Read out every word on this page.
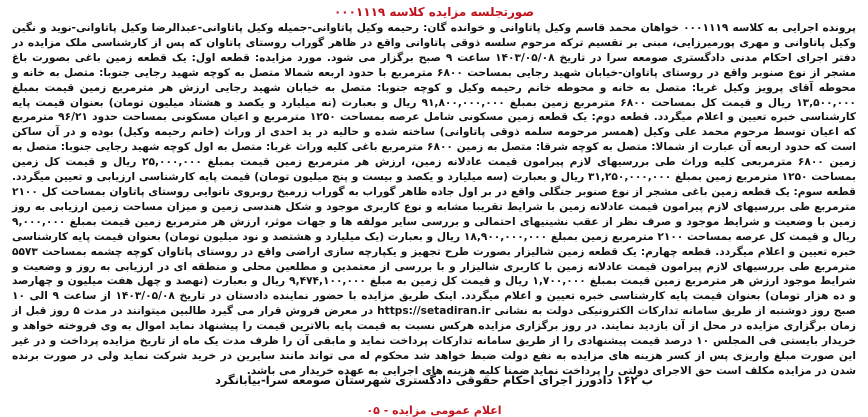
صورتجلسه مزایده کلاسه ۰۰۰۱۱۱۹
پرونده اجرایی به کلاسه ۰۰۰۱۱۱۹ خواهان محمد قاسم وکیل پاتاوانی و خوانده گان: رحیمه وکیل پاتاوانی-جمیله وکیل پاتاوانی-عبدالرضا وکیل پاتاوانی-نوید و نگین وکیل پاتاوانی و مهری پورمیرزایی، مبنی بر تقسیم ترکه مرحوم سلسه ذوقی پاتاوانی واقع در ظاهر گوراب روستای پاتاوان که پس از کارشناسی ملک مزایده در دفتر اجرای احکام مدنی دادگستری صومعه سرا در تاریخ ۱۴۰۳/۰۵/۰۸ ساعت ۹ صبح برگزار می شود. مورد مزایده: قطعه اول: یک قطعه زمین باغی بصورت باغ مشجر از نوع صنوبر واقع در روستای پاتاوان-خیابان شهید رجایی بمساحت ۶۸۰۰ مترمربع با حدود اربعه شمالا متصل به کوچه شهید رجایی جنوبا: متصل به خانه و محوطه آقای پرویز وکیل غربا: متصل به خانه و محوطه خانم رحیمه وکیل و کوچه جنوبا: متصل به خیابان شهید رجایی ارزش هر مترمربع زمین قیمت بمبلغ ۱۳,۵۰۰,۰۰۰ ریال و قیمت کل بمساحت ۶۸۰۰ مترمربع زمین بمبلغ ۹۱,۸۰۰,۰۰۰,۰۰۰ ریال و بعبارت (نه میلیارد و یکصد و هشتاد میلیون تومان) بعنوان قیمت پایه کارشناسی خبره تعیین و اعلام میگردد. قطعه دوم: یک قطعه زمین مسکونی شامل عرصه بمساحت ۱۲۵۰ مترمربع و اعیان مسکونی بمساحت حدود ۹۶/۲۱ مترمربع که اعیان توسط مرحوم محمد علی وکیل (همسر مرحومه سلمه ذوقی پاتاوانی) ساخته شده و حالیه در ید احدی از وراث (خانم رحیمه وکیل) بوده و در آن ساکن است که حدود اربعه آن عبارت از شمالا: متصل به کوچه شرقا: متصل به زمین ۶۸۰۰ مترمربع باغی کلیه وراث غربا: متصل به اول کوچه شهید رجایی جنوبا: متصل به زمین ۶۸۰۰ مترمربعی کلیه وراث طی بررسیهای لازم پیرامون قیمت عادلانه زمین، ارزش هر مترمربع زمین قیمت بمبلغ ۲۵,۰۰۰,۰۰۰ ریال و قیمت کل زمین بمساحت ۱۲۵۰ مترمربع زمین بمبلغ ۳۱,۲۵۰,۰۰۰,۰۰۰ ریال و بعبارت (سه میلیارد و یکصد و بیست و پنج میلیون تومان) قیمت پایه کارشناسی ارزیابی و تعیین میگردد. قطعه سوم: یک قطعه زمین باغی مشجر از نوع صنوبر جنگلی واقع در بر اول جاده ظاهر گوراب به گوراب زرمیخ روبروی نانوایی روستای پاتاوان بمساحت کل ۲۱۰۰ مترمربع طی بررسیهای لازم پیرامون قیمت عادلانه زمین با شرایط تقریبا مشابه و نوع کاربری موجود و شکل هندسی زمین و میزان مساحت زمین ارزیابی به روز زمین با وضعیت و شرایط موجود و صرف نظر از عقب نشینیهای احتمالی و بررسی سایر مولفه ها و جهات موثر، ارزش هر مترمربع زمین قیمت بمبلغ ۹,۰۰۰,۰۰۰ ریال و قیمت کل عرصه بمساحت ۲۱۰۰ مترمربع زمین بمبلغ ۱۸,۹۰۰,۰۰۰,۰۰۰ ریال و بعبارت (یک میلیارد و هشتصد و نود میلیون تومان) بعنوان قیمت پایه کارشناسی خبره تعیین و اعلام میگردد. قطعه چهارم: یک قطعه زمین شالیزار بصورت طرح تجهیز و یکپارچه سازی اراضی واقع در روستای پاتاوان کوچه چشمه بمساحت ۵۵۷۳ مترمربع طی بررسیهای لازم پیرامون قیمت عادلانه زمین با کاربری شالیزار و با بررسی از معتمدین و مطلعین محلی و منطقه ای در ارزیابی به روز و وضعیت و شرایط موجود ارزش هر مترمربع زمین قیمت بمبلغ ۱,۷۰۰,۰۰۰ ریال و قیمت کل زمین به مبلغ ۹,۴۷۴,۱۰۰,۰۰۰ ریال و بعبارت (نهصد و چهل هفت میلیون و چهارصد و ده هزار تومان) بعنوان قیمت پایه کارشناسی خبره تعیین و اعلام میگردد. اینک طریق مزایده با حضور نماینده دادستان در تاریخ ۱۴۰۳/۰۵/۰۸ از ساعت ۹ الی ۱۰ صبح روز دوشنبه از طریق سامانه تدارکات الکترونیکی دولت به نشانی https://setadiran.ir در معرض فروش قرار می گیرد طالبین میتوانند در مدت ۵ روز قبل از زمان برگزاری مزایده در محل از آن بازدید نمایند. در روز برگزاری مزایده هرکس نسبت به قیمت پایه بالاترین قیمت را پیشنهاد نماید اموال به وی فروخته خواهد و خریدار بایستی فی المجلس ۱۰ درصد قیمت پیشنهادی را از طریق سامانه تدارکات پرداخت نماید و مابقی آن را ظرف مدت یک ماه از تاریخ مزایده پرداخت و در غیر این صورت مبلغ واریزی پس از کسر هزینه های مزایده به نفع دولت ضبط خواهد شد محکوم له می تواند مانند سایرین در خرید شرکت نماید ولی در صورت برنده شدن در مزایده مکلف است حق الاجرای دولتی را پرداخت نماید ضمنا کلیه هزینه های اجرایی به عهده خریدار می باشد.
ب ۱۶۲ دادورز اجرای احکام حقوقی دادگستری شهرستان صومعه سرا-بیابانگرد
اعلام عمومی مزایده - ۰۵
